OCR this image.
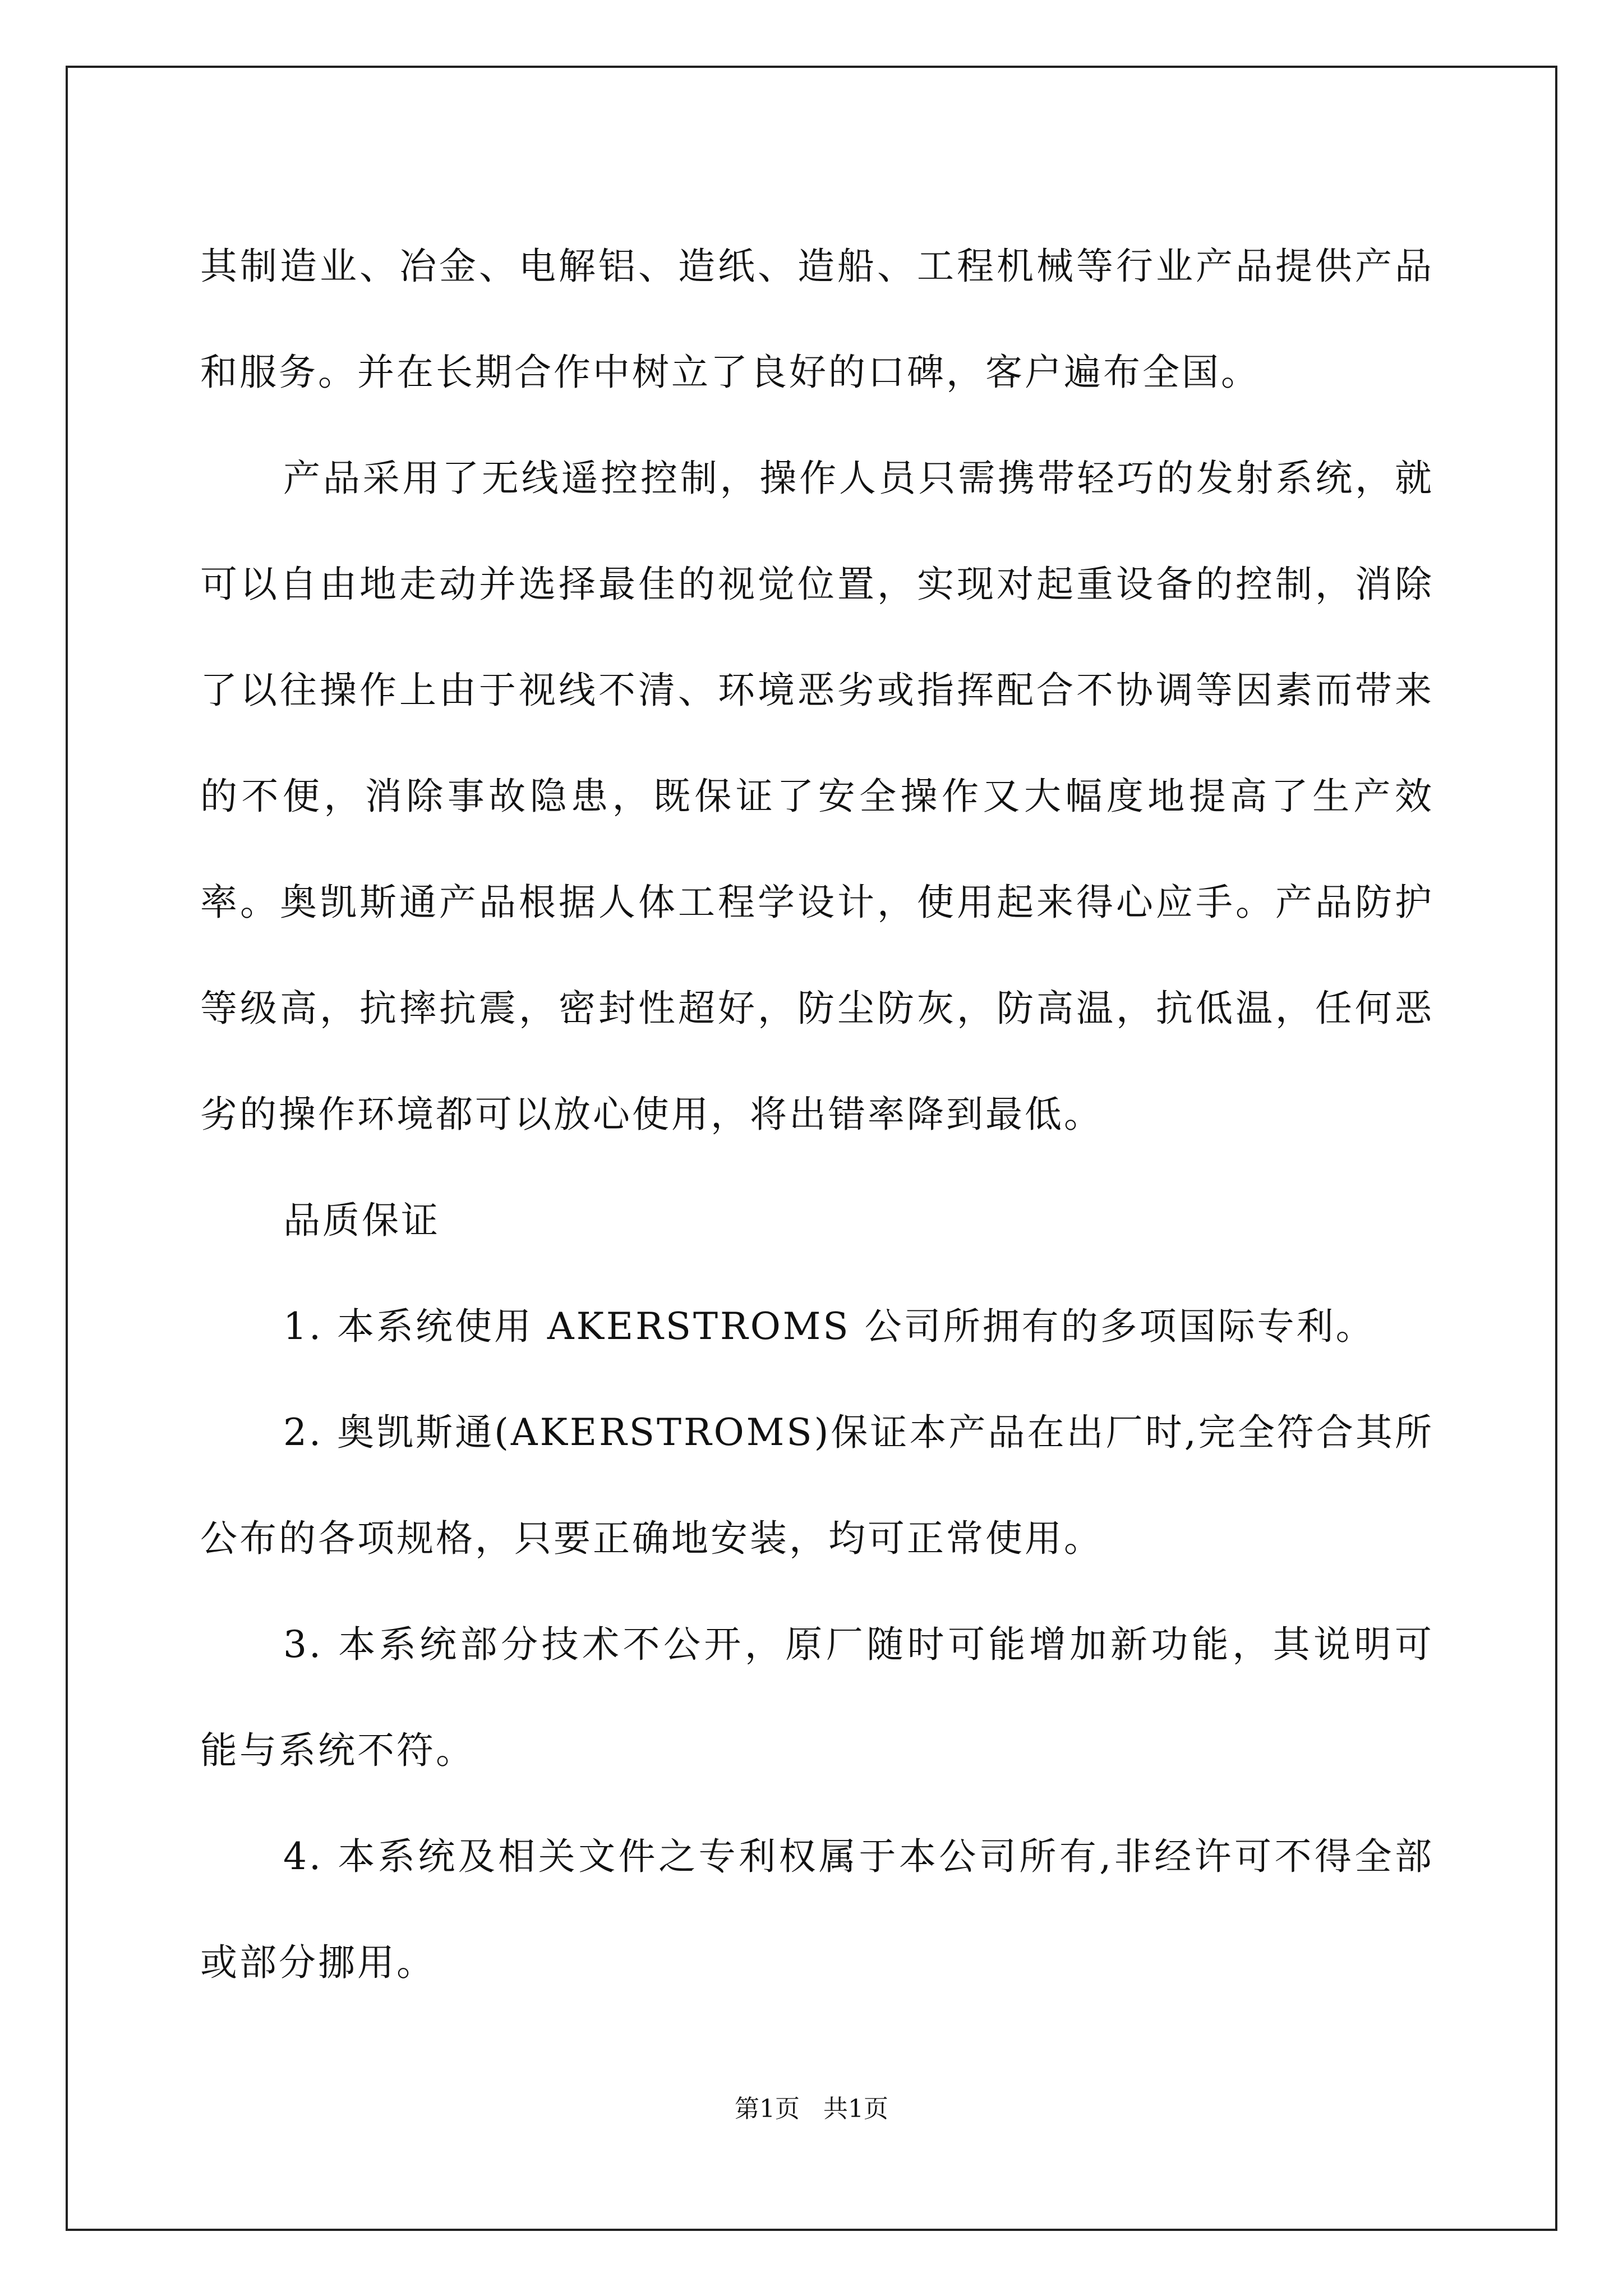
其制造业、冶金、电解铝、造纸、造船、工程机械等行业产品提供产品和服务。并在长期合作中树立了良好的口碑，客户遍布全国。

产品采用了无线遥控控制，操作人员只需携带轻巧的发射系统，就可以自由地走动并选择最佳的视觉位置，实现对起重设备的控制，消除了以往操作上由于视线不清、环境恶劣或指挥配合不协调等因素而带来的不便，消除事故隐患，既保证了安全操作又大幅度地提高了生产效率。奥凯斯通产品根据人体工程学设计，使用起来得心应手。产品防护等级高，抗摔抗震，密封性超好，防尘防灰，防高温，抗低温，任何恶劣的操作环境都可以放心使用，将出错率降到最低。

品质保证

1. 本系统使用 AKERSTROMS 公司所拥有的多项国际专利。

2. 奥凯斯通(AKERSTROMS)保证本产品在出厂时,完全符合其所公布的各项规格，只要正确地安装，均可正常使用。

3. 本系统部分技术不公开，原厂随时可能增加新功能，其说明可能与系统不符。

4. 本系统及相关文件之专利权属于本公司所有,非经许可不得全部或部分挪用。

第1页 共1页
